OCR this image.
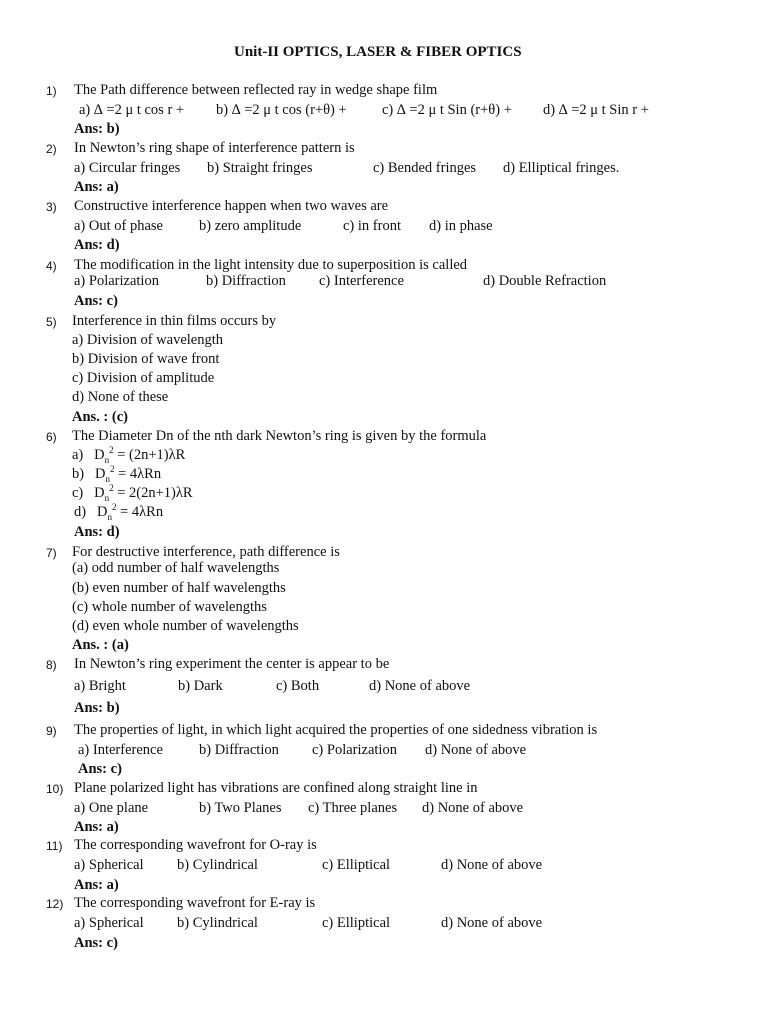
Unit-II OPTICS, LASER & FIBER OPTICS
1) The Path difference between reflected ray in wedge shape film
a) ∆ =2 μ t cos r + b) ∆ =2 μ t cos (r+θ) + c) ∆ =2 μ t Sin (r+θ) + d) ∆ =2 μ t Sin r +
Ans: b)
2) In Newton’s ring shape of interference pattern is
a) Circular fringes b) Straight fringes	c) Bended fringes d) Elliptical fringes.
Ans: a)
3) Constructive interference happen when two waves are
a) Out of phase b) zero amplitude	c) in front d) in phase
Ans: d)
4) The modification in the light intensity due to superposition is called
a) Polarization	b) Diffraction c) Interference	d) Double Refraction
Ans: c)
5) Interference in thin films occurs by
a) Division of wavelength
b) Division of wave front
c) Division of amplitude
d) None of these
Ans. : (c)
6) The Diameter Dn of the nth dark Newton’s ring is given by the formula
a) $D_n^2 = (2n+1)\lambda R$
b) $D_n^2 = 4\lambda Rn$
c) $D_n^2 = 2(2n+1)\lambda R$
d) $D_n^2 = 4\lambda Rn$
Ans: d)
7) For destructive interference, path difference is
(a) odd number of half wavelengths
(b) even number of half wavelengths
(c) whole number of wavelengths
(d) even whole number of wavelengths
Ans. : (a)
8) In Newton’s ring experiment the center is appear to be
a) Bright	b) Dark	c) Both	d) None of above
Ans: b)
9) The properties of light, in which light acquired the properties of one sidedness vibration is
a) Interference b) Diffraction c) Polarization d) None of above
Ans: c)
10) Plane polarized light has vibrations are confined along straight line in
a) One plane	b) Two Planes c) Three planes d) None of above
Ans: a)
11) The corresponding wavefront for O-ray is
a) Spherical b) Cylindrical	c) Elliptical	d) None of above
Ans: a)
12) The corresponding wavefront for E-ray is
a) Spherical b) Cylindrical	c) Elliptical	d) None of above
Ans: c)
